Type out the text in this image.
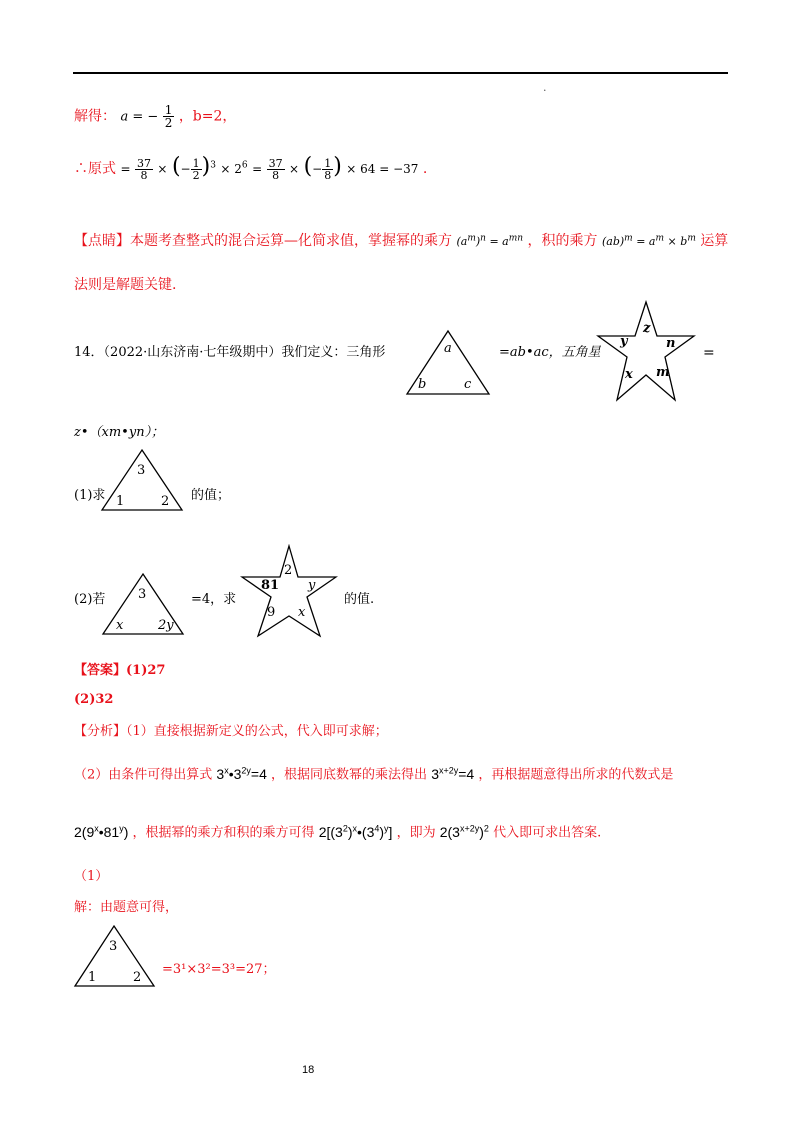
.
解得： a = − $\frac{1}{2}$ ，b=2，
∴原式 = $\frac{37}{8}$ × (− $\frac{1}{2} )^3 \times 2^6 = \frac{37}{8}$ × (− $\frac{1}{8}$ ) × 64 = −37 .
【点睛】本题考查整式的混合运算—化简求值，掌握幂的乘方 $(a^m)^n = a^{mn}$ ，积的乘方 $(ab)^m = a^m \times b^m$ 运算
法则是解题关键.
14．（2022·山东济南·七年级期中）我们定义：三角形	a
b	c
=ab•ac，五角星
z
y	n
x m
=
z•（xm•yn）；
(1)求
3
1	2 的值；
(2)若	3
x	2y
=4，求
2
81 y
9 x
的值.
【答案】(1)27
(2)32
【分析】（1）直接根据新定义的公式，代入即可求解；
（2）由条件可得出算式 $3^x•3^{2y}=4$ ，根据同底数幂的乘法得出 $3^{x+2y}=4$ ，再根据题意得出所求的代数式是
2(9$^x$•81$^y$) ，根据幂的乘方和积的乘方可得 $2[(3^2)^x•(3^4)^y]$ ，即为 $2(3^{x+2y})^2$ 代入即可求出答案.
（1）
解：由题意可得，
3
1	2
=3¹×3²=3³=27；
18
